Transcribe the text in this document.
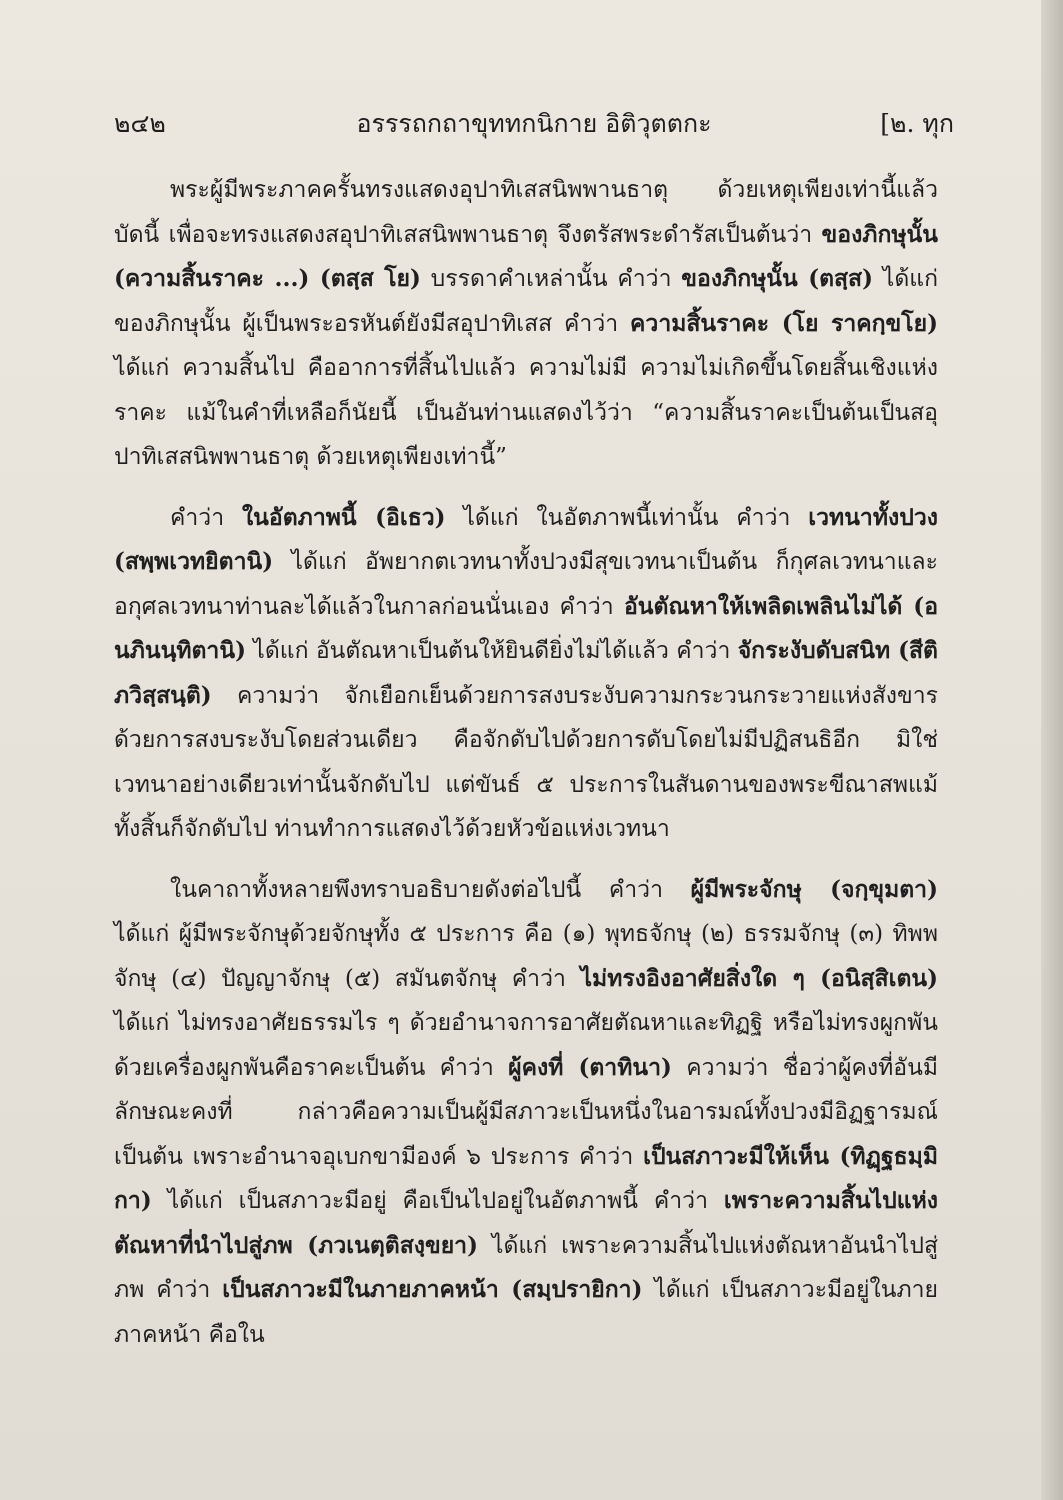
๒๔๒	อรรรถกถาขุททกนิกาย อิติวุตตกะ	[๒. ทุก

พระผู้มีพระภาคครั้นทรงแสดงอุปาทิเสสนิพพานธาตุ ด้วยเหตุเพียงเท่านี้แล้ว บัดนี้ เพื่อจะทรงแสดงสอุปาทิเสสนิพพานธาตุ จึงตรัสพระดำรัสเป็นต้นว่า ของภิกษุนั้น (ความสิ้นราคะ ...) (ตสฺส โย) บรรดาคำเหล่านั้น คำว่า ของภิกษุนั้น (ตสฺส) ได้แก่ ของภิกษุนั้น ผู้เป็นพระอรหันต์ยังมีสอุปาทิเสส คำว่า ความสิ้นราคะ (โย ราคกฺขโย) ได้แก่ ความสิ้นไป คืออาการที่สิ้นไปแล้ว ความไม่มี ความไม่เกิดขึ้นโดยสิ้นเชิงแห่งราคะ แม้ในคำที่เหลือก็นัยนี้ เป็นอันท่านแสดงไว้ว่า “ความสิ้นราคะเป็นต้นเป็นสอุปาทิเสสนิพพานธาตุ ด้วยเหตุเพียงเท่านี้”

คำว่า ในอัตภาพนี้ (อิเธว) ได้แก่ ในอัตภาพนี้เท่านั้น คำว่า เวทนาทั้งปวง (สพฺพเวทยิตานิ) ได้แก่ อัพยากตเวทนาทั้งปวงมีสุขเวทนาเป็นต้น ก็กุศลเวทนาและอกุศลเวทนาท่านละได้แล้วในกาลก่อนนั่นเอง คำว่า อันตัณหาให้เพลิดเพลินไม่ได้ (อนภินนฺทิตานิ) ได้แก่ อันตัณหาเป็นต้นให้ยินดียิ่งไม่ได้แล้ว คำว่า จักระงับดับสนิท (สีติภวิสฺสนฺติ) ความว่า จักเยือกเย็นด้วยการสงบระงับความกระวนกระวายแห่งสังขาร ด้วยการสงบระงับโดยส่วนเดียว คือจักดับไปด้วยการดับโดยไม่มีปฏิสนธิอีก มิใช่เวทนาอย่างเดียวเท่านั้นจักดับไป แต่ขันธ์ ๕ ประการในสันดานของพระขีณาสพแม้ทั้งสิ้นก็จักดับไป ท่านทำการแสดงไว้ด้วยหัวข้อแห่งเวทนา

ในคาถาทั้งหลายพึงทราบอธิบายดังต่อไปนี้ คำว่า ผู้มีพระจักษุ (จกฺขุมตา) ได้แก่ ผู้มีพระจักษุด้วยจักษุทั้ง ๕ ประการ คือ (๑) พุทธจักษุ (๒) ธรรมจักษุ (๓) ทิพพจักษุ (๔) ปัญญาจักษุ (๕) สมันตจักษุ คำว่า ไม่ทรงอิงอาศัยสิ่งใด ๆ (อนิสฺสิเตน) ได้แก่ ไม่ทรงอาศัยธรรมไร ๆ ด้วยอำนาจการอาศัยตัณหาและทิฏฐิ หรือไม่ทรงผูกพันด้วยเครื่องผูกพันคือราคะเป็นต้น คำว่า ผู้คงที่ (ตาทินา) ความว่า ชื่อว่าผู้คงที่อันมีลักษณะคงที่ กล่าวคือความเป็นผู้มีสภาวะเป็นหนึ่งในอารมณ์ทั้งปวงมีอิฏฐารมณ์เป็นต้น เพราะอำนาจอุเบกขามีองค์ ๖ ประการ คำว่า เป็นสภาวะมีให้เห็น (ทิฏฺฐธมฺมิกา) ได้แก่ เป็นสภาวะมีอยู่ คือเป็นไปอยู่ในอัตภาพนี้ คำว่า เพราะความสิ้นไปแห่งตัณหาที่นำไปสู่ภพ (ภวเนตฺติสงฺขยา) ได้แก่ เพราะความสิ้นไปแห่งตัณหาอันนำไปสู่ภพ คำว่า เป็นสภาวะมีในภายภาคหน้า (สมฺปรายิกา) ได้แก่ เป็นสภาวะมีอยู่ในภายภาคหน้า คือใน
